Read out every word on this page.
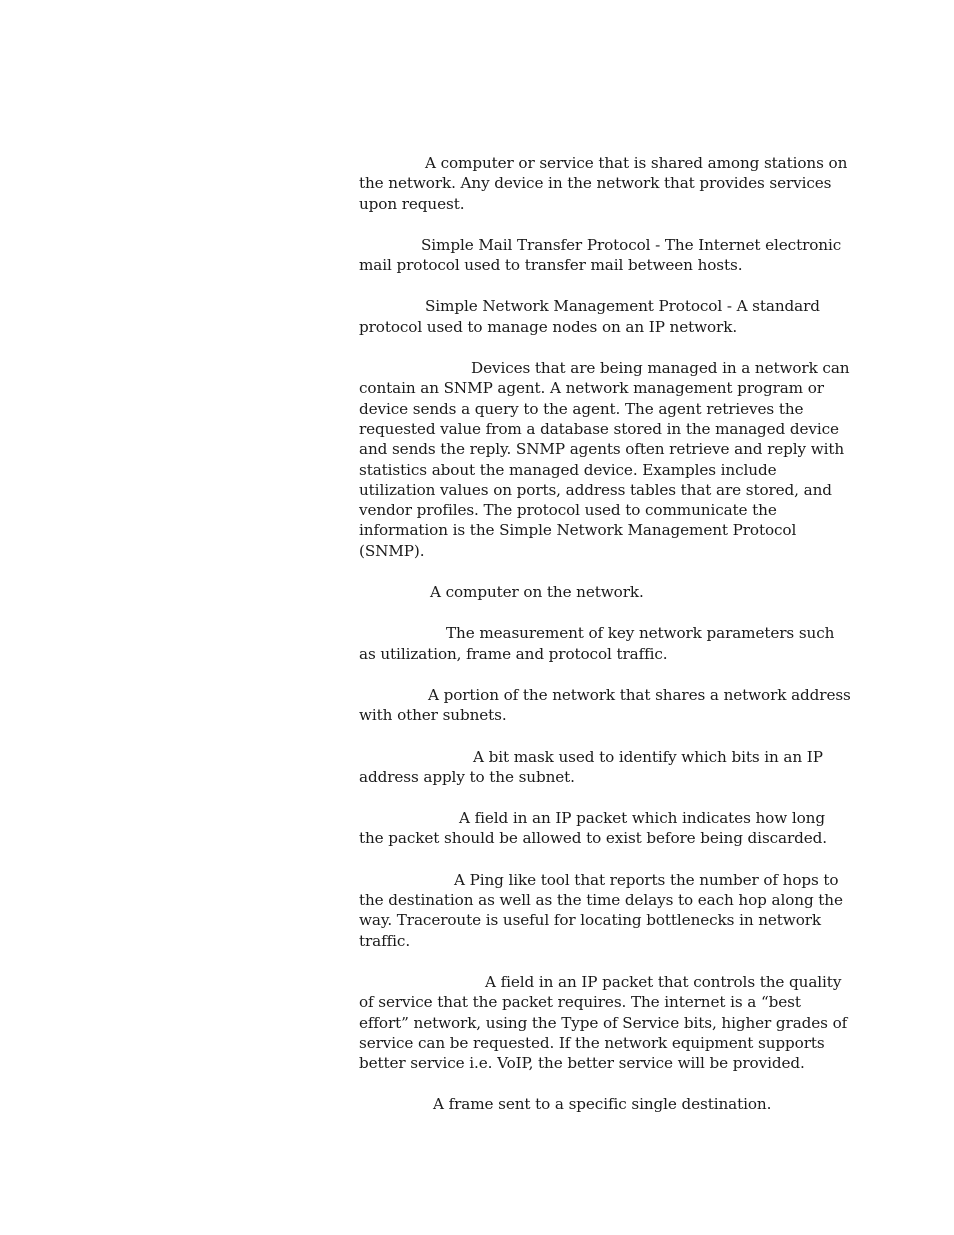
A computer or service that is shared among stations on the network. Any device in the network that provides services upon request.

Simple Mail Transfer Protocol - The Internet electronic mail protocol used to transfer mail between hosts.

Simple Network Management Protocol - A standard protocol used to manage nodes on an IP network.

Devices that are being managed in a network can contain an SNMP agent. A network management program or device sends a query to the agent. The agent retrieves the requested value from a database stored in the managed device and sends the reply. SNMP agents often retrieve and reply with statistics about the managed device. Examples include utilization values on ports, address tables that are stored, and vendor profiles. The protocol used to communicate the information is the Simple Network Management Protocol (SNMP).

A computer on the network.

The measurement of key network parameters such as utilization, frame and protocol traffic.

A portion of the network that shares a network address with other subnets.

A bit mask used to identify which bits in an IP address apply to the subnet.

A field in an IP packet which indicates how long the packet should be allowed to exist before being discarded.

A Ping like tool that reports the number of hops to the destination as well as the time delays to each hop along the way. Traceroute is useful for locating bottlenecks in network traffic.

A field in an IP packet that controls the quality of service that the packet requires. The internet is a “best effort” network, using the Type of Service bits, higher grades of service can be requested. If the network equipment supports better service i.e. VoIP, the better service will be provided.

A frame sent to a specific single destination.
